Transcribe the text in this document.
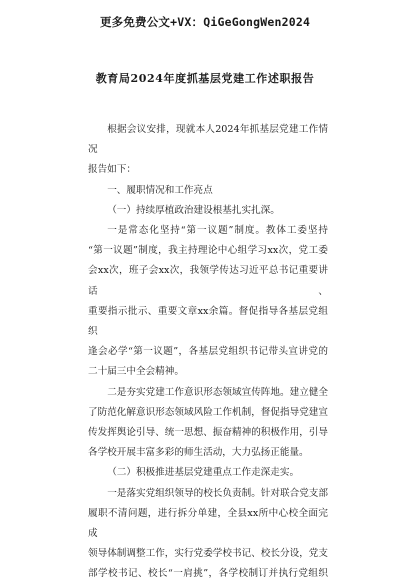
更多免费公文+VX：QiGeGongWen2024
教育局2024年度抓基层党建工作述职报告

根据会议安排，现就本人2024年抓基层党建工作情况

报告如下：

一、履职情况和工作亮点

（一）持续厚植政治建设根基扎实扎深。

一是常态化坚持“第一议题”制度。教体工委坚持

“第一议题”制度，我主持理论中心组学习xx次，党工委

会xx次，班子会xx次，我领学传达习近平总书记重要讲话、

重要指示批示、重要文章xx余篇。督促指导各基层党组织

逢会必学“第一议题”，各基层党组织书记带头宣讲党的

二十届三中全会精神。

二是夯实党建工作意识形态领域宣传阵地。建立健全

了防范化解意识形态领域风险工作机制，督促指导党建宣

传发挥舆论引导、统一思想、振奋精神的积极作用，引导

各学校开展丰富多彩的师生活动，大力弘扬正能量。

（二）积极推进基层党建重点工作走深走实。

一是落实党组织领导的校长负责制。针对联合党支部

履职不清问题，进行拆分单建，全县xx所中心校全面完成

领导体制调整工作，实行党委学校书记、校长分设，党支

部学校书记、校长“一肩挑”，各学校制订并执行党组织
